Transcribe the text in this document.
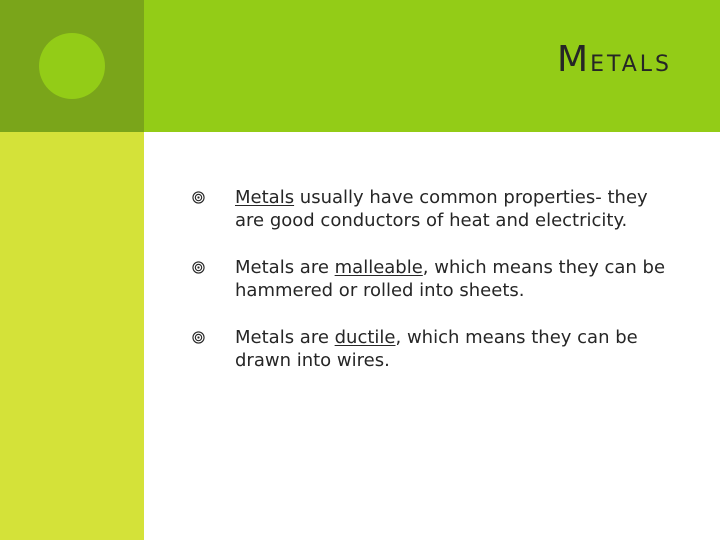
METALS
Metals usually have common properties- they are good conductors of heat and electricity.
Metals are malleable, which means they can be hammered or rolled into sheets.
Metals are ductile, which means they can be drawn into wires.
